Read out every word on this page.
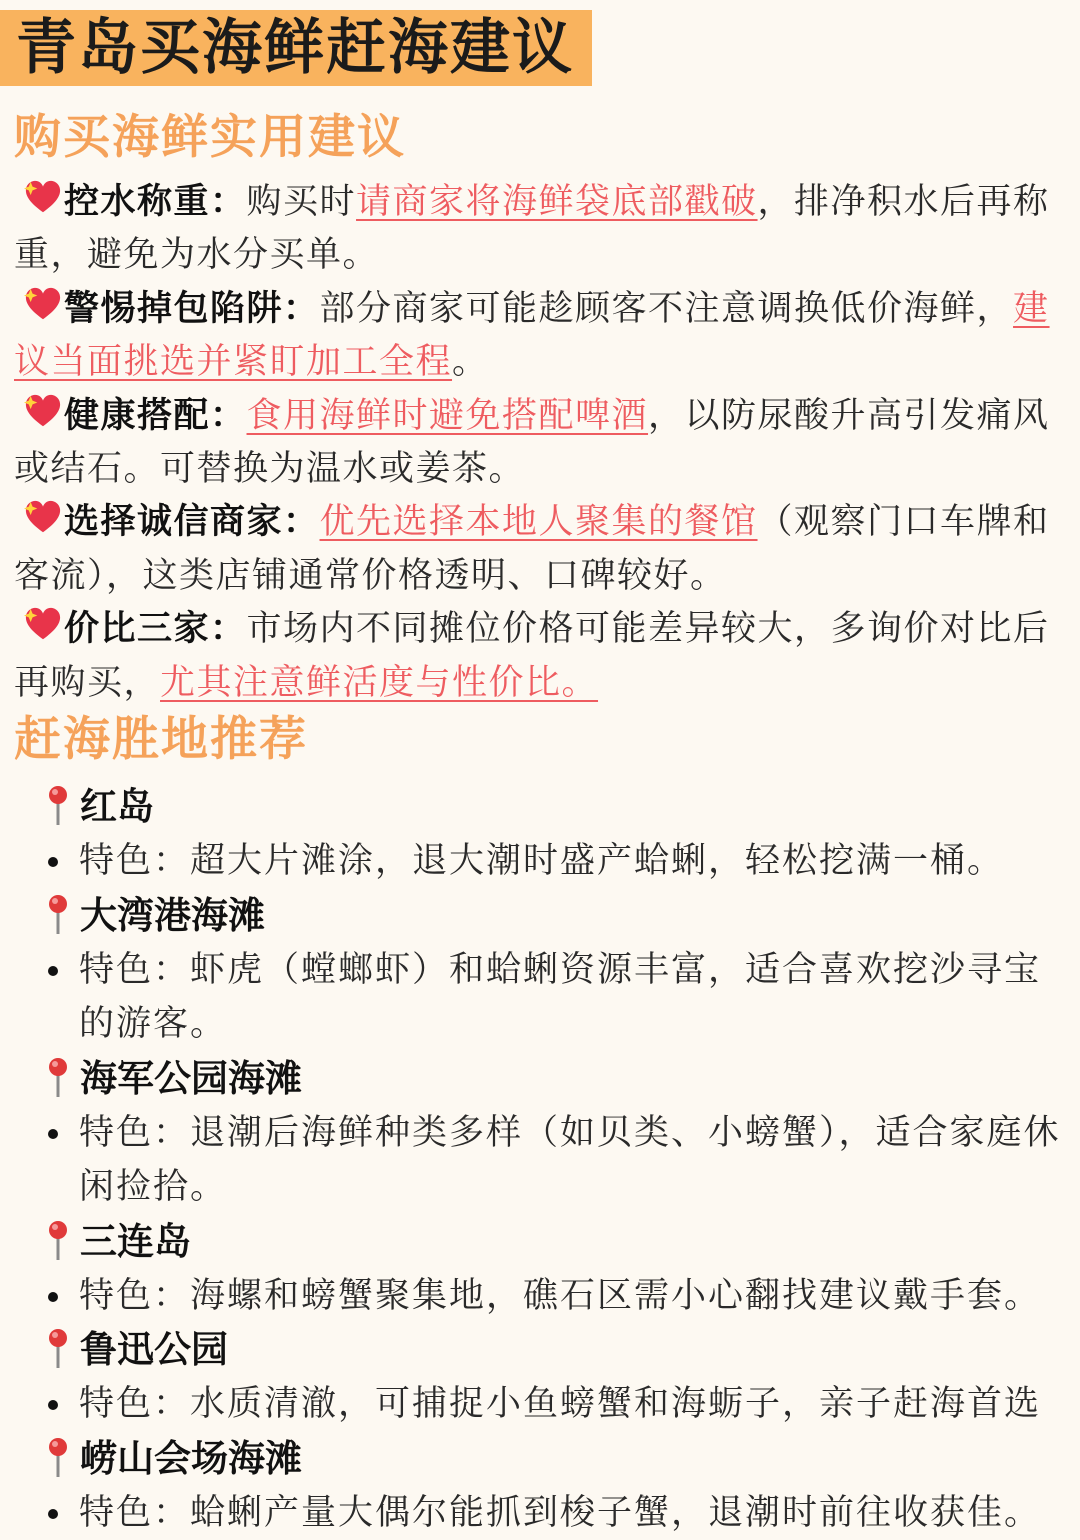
青岛买海鲜赶海建议
购买海鲜实用建议
控水称重：购买时请商家将海鲜袋底部戳破，排净积水后再称重，避免为水分买单。
警惕掉包陷阱：部分商家可能趁顾客不注意调换低价海鲜，建议当面挑选并紧盯加工全程。
健康搭配：食用海鲜时避免搭配啤酒，以防尿酸升高引发痛风或结石。可替换为温水或姜茶。
选择诚信商家：优先选择本地人聚集的餐馆（观察门口车牌和客流），这类店铺通常价格透明、口碑较好。
价比三家：市场内不同摊位价格可能差异较大，多询价对比后再购买，尤其注意鲜活度与性价比。
赶海胜地推荐
红岛
特色：超大片滩涂，退大潮时盛产蛤蜊，轻松挖满一桶。
大湾港海滩
特色：虾虎（螳螂虾）和蛤蜊资源丰富，适合喜欢挖沙寻宝的游客。
海军公园海滩
特色：退潮后海鲜种类多样（如贝类、小螃蟹），适合家庭休闲捡拾。
三连岛
特色：海螺和螃蟹聚集地，礁石区需小心翻找建议戴手套。
鲁迅公园
特色：水质清澈，可捕捉小鱼螃蟹和海蛎子，亲子赶海首选
崂山会场海滩
特色：蛤蜊产量大偶尔能抓到梭子蟹，退潮时前往收获佳。
